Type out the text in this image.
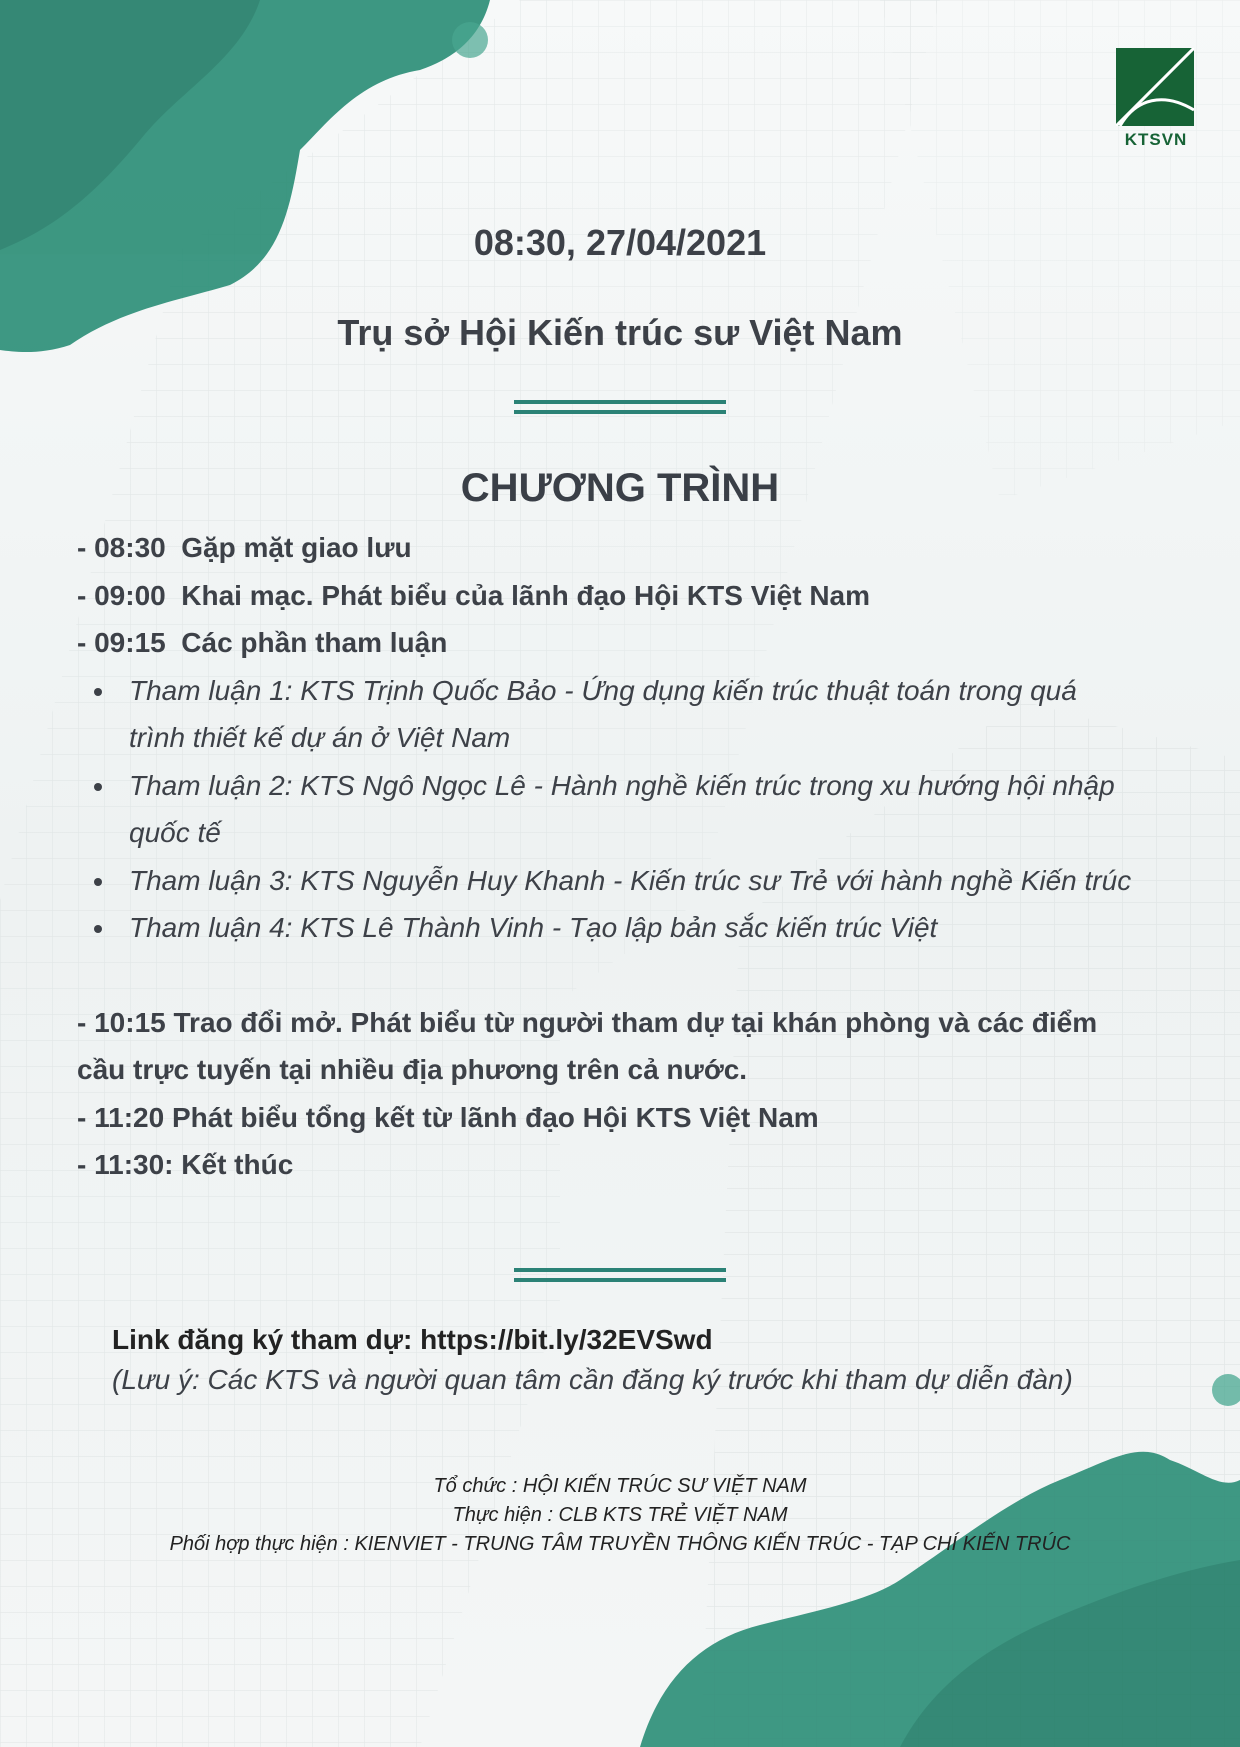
KTSVN
08:30, 27/04/2021
Trụ sở Hội Kiến trúc sư Việt Nam
CHƯƠNG TRÌNH
- 08:30 Gặp mặt giao lưu
- 09:00 Khai mạc. Phát biểu của lãnh đạo Hội KTS Việt Nam
- 09:15 Các phần tham luận
Tham luận 1: KTS Trịnh Quốc Bảo - Ứng dụng kiến trúc thuật toán trong quá
trình thiết kế dự án ở Việt Nam
Tham luận 2: KTS Ngô Ngọc Lê - Hành nghề kiến trúc trong xu hướng hội nhập
quốc tế
Tham luận 3: KTS Nguyễn Huy Khanh - Kiến trúc sư Trẻ với hành nghề Kiến trúc
Tham luận 4: KTS Lê Thành Vinh - Tạo lập bản sắc kiến trúc Việt
- 10:15 Trao đổi mở. Phát biểu từ người tham dự tại khán phòng và các điểm
cầu trực tuyến tại nhiều địa phương trên cả nước.
- 11:20 Phát biểu tổng kết từ lãnh đạo Hội KTS Việt Nam
- 11:30: Kết thúc
Link đăng ký tham dự: https://bit.ly/32EVSwd
(Lưu ý: Các KTS và người quan tâm cần đăng ký trước khi tham dự diễn đàn)
Tổ chức : HỘI KIẾN TRÚC SƯ VIỆT NAM
Thực hiện : CLB KTS TRẺ VIỆT NAM
Phối hợp thực hiện : KIENVIET - TRUNG TÂM TRUYỀN THÔNG KIẾN TRÚC - TẠP CHÍ KIẾN TRÚC
